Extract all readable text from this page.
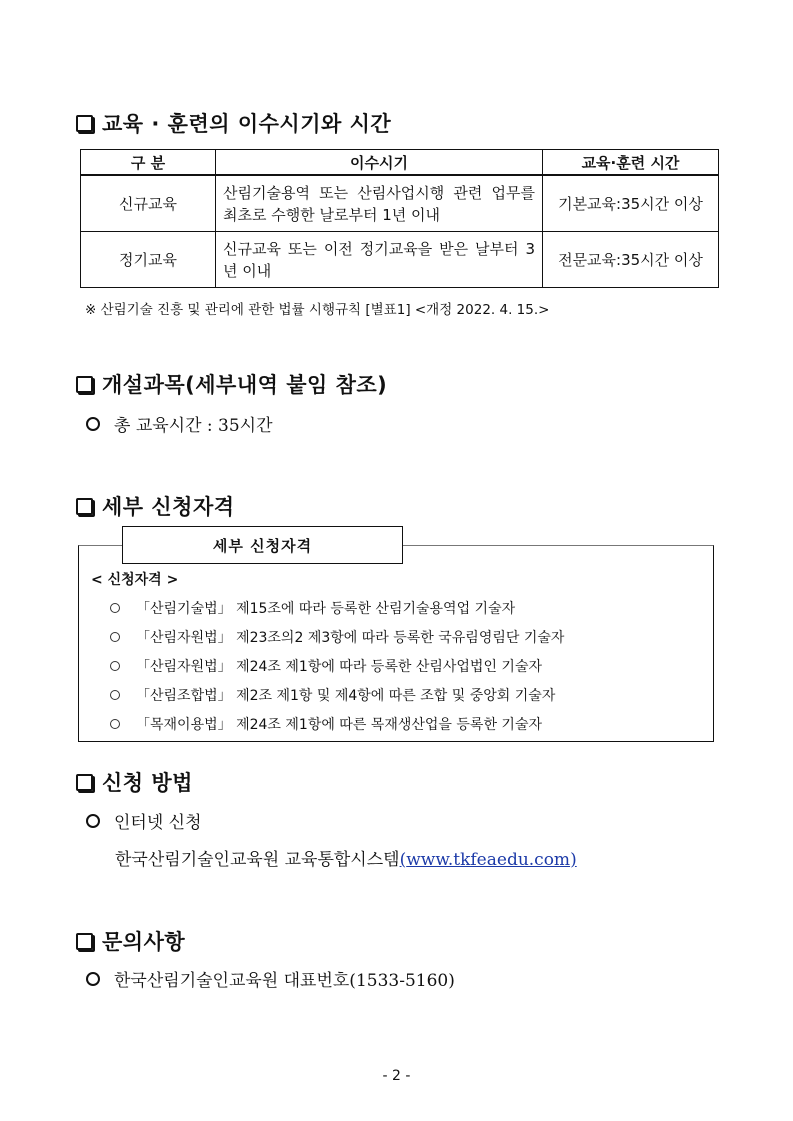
교육 · 훈련의 이수시기와 시간
구 분	이수시기	교육·훈련 시간
신규교육	산림기술용역 또는 산림사업시행 관련 업무를 최초로 수행한 날로부터 1년 이내	기본교육:35시간 이상
정기교육	신규교육 또는 이전 정기교육을 받은 날부터 3년 이내	전문교육:35시간 이상
※ 산림기술 진흥 및 관리에 관한 법률 시행규칙 [별표1] <개정 2022. 4. 15.>
개설과목(세부내역 붙임 참조)
총 교육시간 : 35시간
세부 신청자격
세부 신청자격
< 신청자격 >
「산림기술법」 제15조에 따라 등록한 산림기술용역업 기술자
「산림자원법」 제23조의2 제3항에 따라 등록한 국유림영림단 기술자
「산림자원법」 제24조 제1항에 따라 등록한 산림사업법인 기술자
「산림조합법」 제2조 제1항 및 제4항에 따른 조합 및 중앙회 기술자
「목재이용법」 제24조 제1항에 따른 목재생산업을 등록한 기술자
신청 방법
인터넷 신청
한국산림기술인교육원 교육통합시스템(www.tkfeaedu.com)
문의사항
한국산림기술인교육원 대표번호(1533-5160)
- 2 -
